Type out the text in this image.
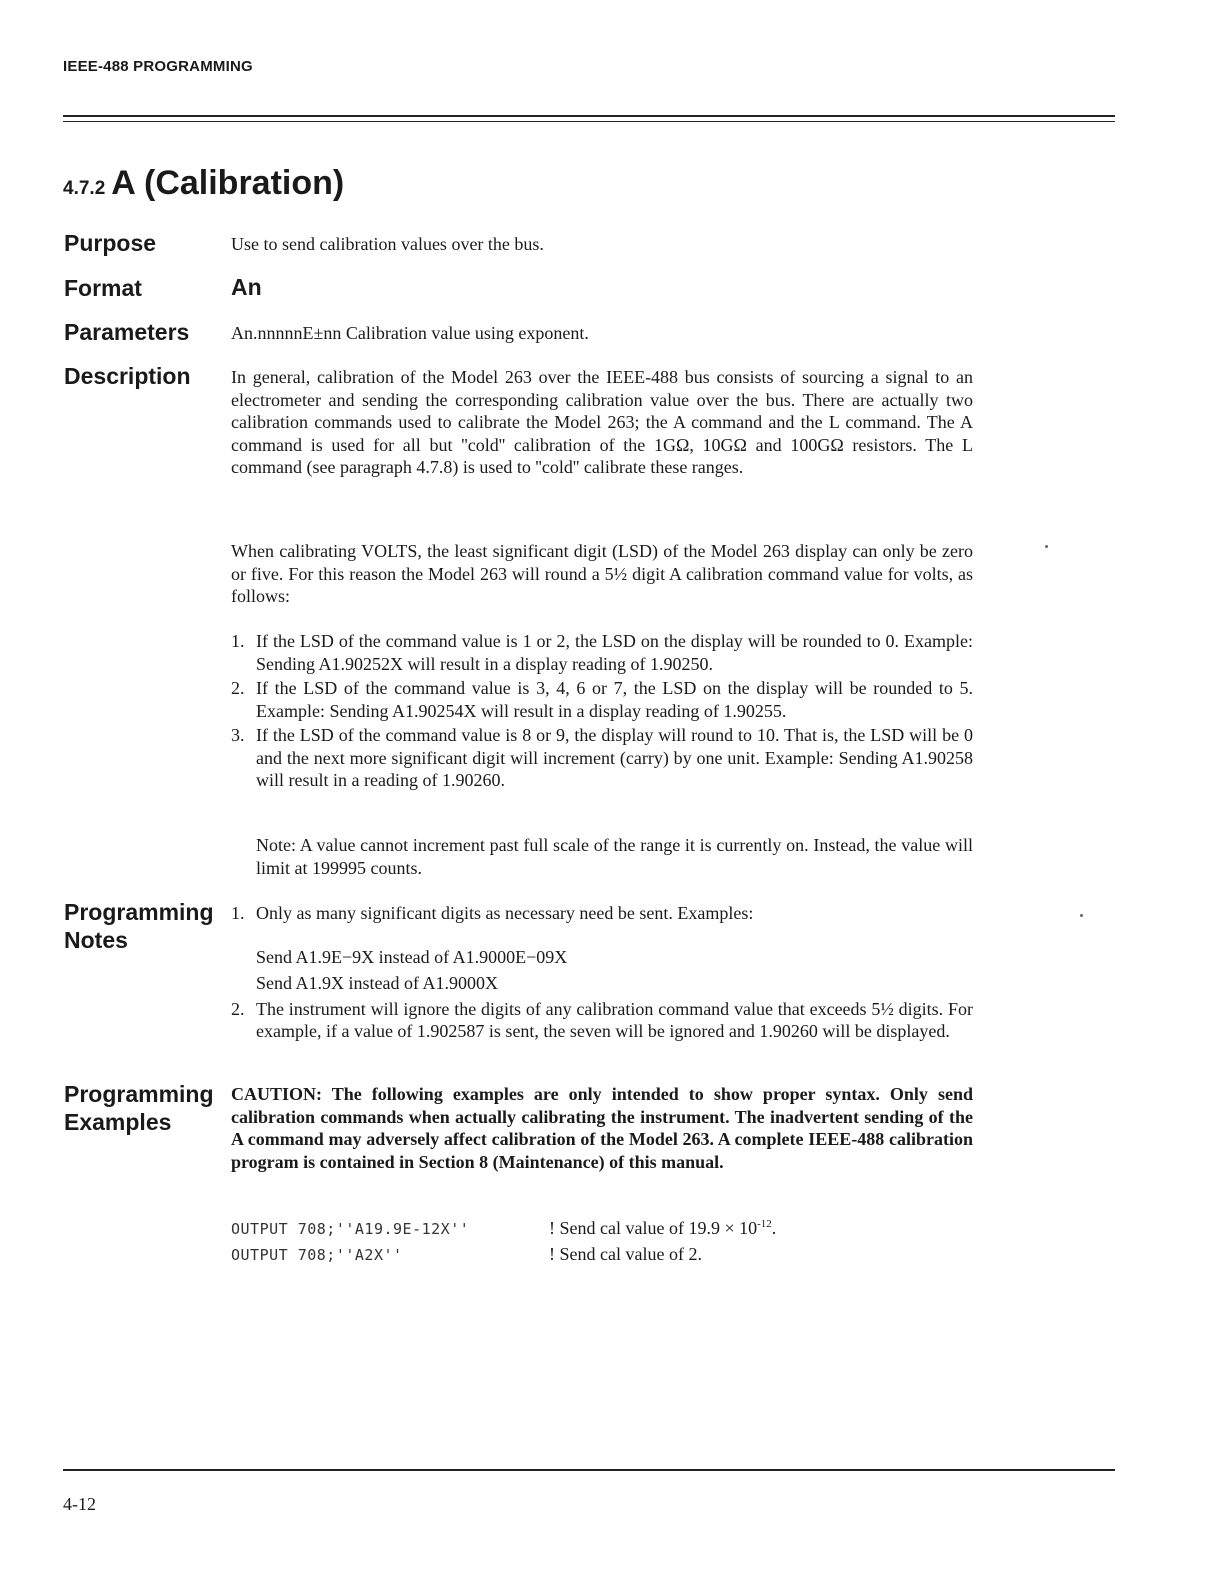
IEEE-488 PROGRAMMING
4.7.2 A (Calibration)
Purpose	Use to send calibration values over the bus.
Format	An
Parameters An.nnnnnE±nn Calibration value using exponent.
Description In general, calibration of the Model 263 over the IEEE-488 bus consists of sourcing a signal to an electrometer and sending the corresponding calibration value over the bus. There are actually two calibration commands used to calibrate the Model 263; the A command and the L command. The A command is used for all but ''cold'' calibration of the 1GΩ, 10GΩ and 100GΩ resistors. The L command (see paragraph 4.7.8) is used to ''cold'' calibrate these ranges.

When calibrating VOLTS, the least significant digit (LSD) of the Model 263 display can only be zero or five. For this reason the Model 263 will round a 5½ digit A calibration command value for volts, as follows:

1. If the LSD of the command value is 1 or 2, the LSD on the display will be rounded to 0. Example: Sending A1.90252X will result in a display reading of 1.90250.
2. If the LSD of the command value is 3, 4, 6 or 7, the LSD on the display will be rounded to 5. Example: Sending A1.90254X will result in a display reading of 1.90255.
3. If the LSD of the command value is 8 or 9, the display will round to 10. That is, the LSD will be 0 and the next more significant digit will increment (carry) by one unit. Example: Sending A1.90258 will result in a reading of 1.90260.

Note: A value cannot increment past full scale of the range it is currently on. Instead, the value will limit at 199995 counts.

Programming
Notes
1. Only as many significant digits as necessary need be sent. Examples:
Send A1.9E−9X instead of A1.9000E−09X
Send A1.9X instead of A1.9000X
2. The instrument will ignore the digits of any calibration command value that exceeds 5½ digits. For example, if a value of 1.902587 is sent, the seven will be ignored and 1.90260 will be displayed.
Programming
Examples
CAUTION: The following examples are only intended to show proper syntax. Only send calibration commands when actually calibrating the instrument. The inadvertent sending of the A command may adversely affect calibration of the Model 263. A complete IEEE-488 calibration program is contained in Section 8 (Maintenance) of this manual.
OUTPUT 708;''A19.9E-12X''	! Send cal value of $19.9 \times 10^{-12}$.
OUTPUT 708;''A2X''	! Send cal value of 2.
4-12
